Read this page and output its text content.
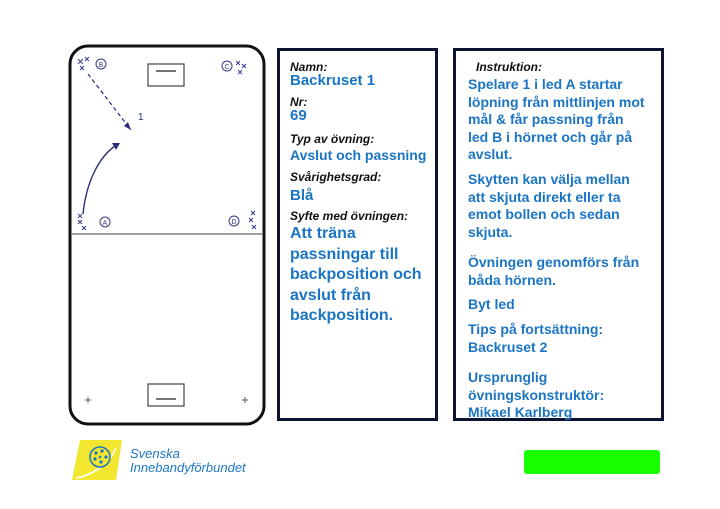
B	C
A	D
1
Namn:
Backruset 1
Nr:
69
Typ av övning:
Avslut och passning
Svårighetsgrad:
Blå
Syfte med övningen:
Att träna
passningar till
backposition och
avslut från
backposition.
Instruktion:
Spelare 1 i led A startar
löpning från mittlinjen mot
mål & får passning från
led B i hörnet och går på
avslut.
Skytten kan välja mellan
att skjuta direkt eller ta
emot bollen och sedan
skjuta.
Övningen genomförs från
båda hörnen.
Byt led
Tips på fortsättning:
Backruset 2
Ursprunglig
övningskonstruktör:
Mikael Karlberg
Svenska
Innebandyförbundet
